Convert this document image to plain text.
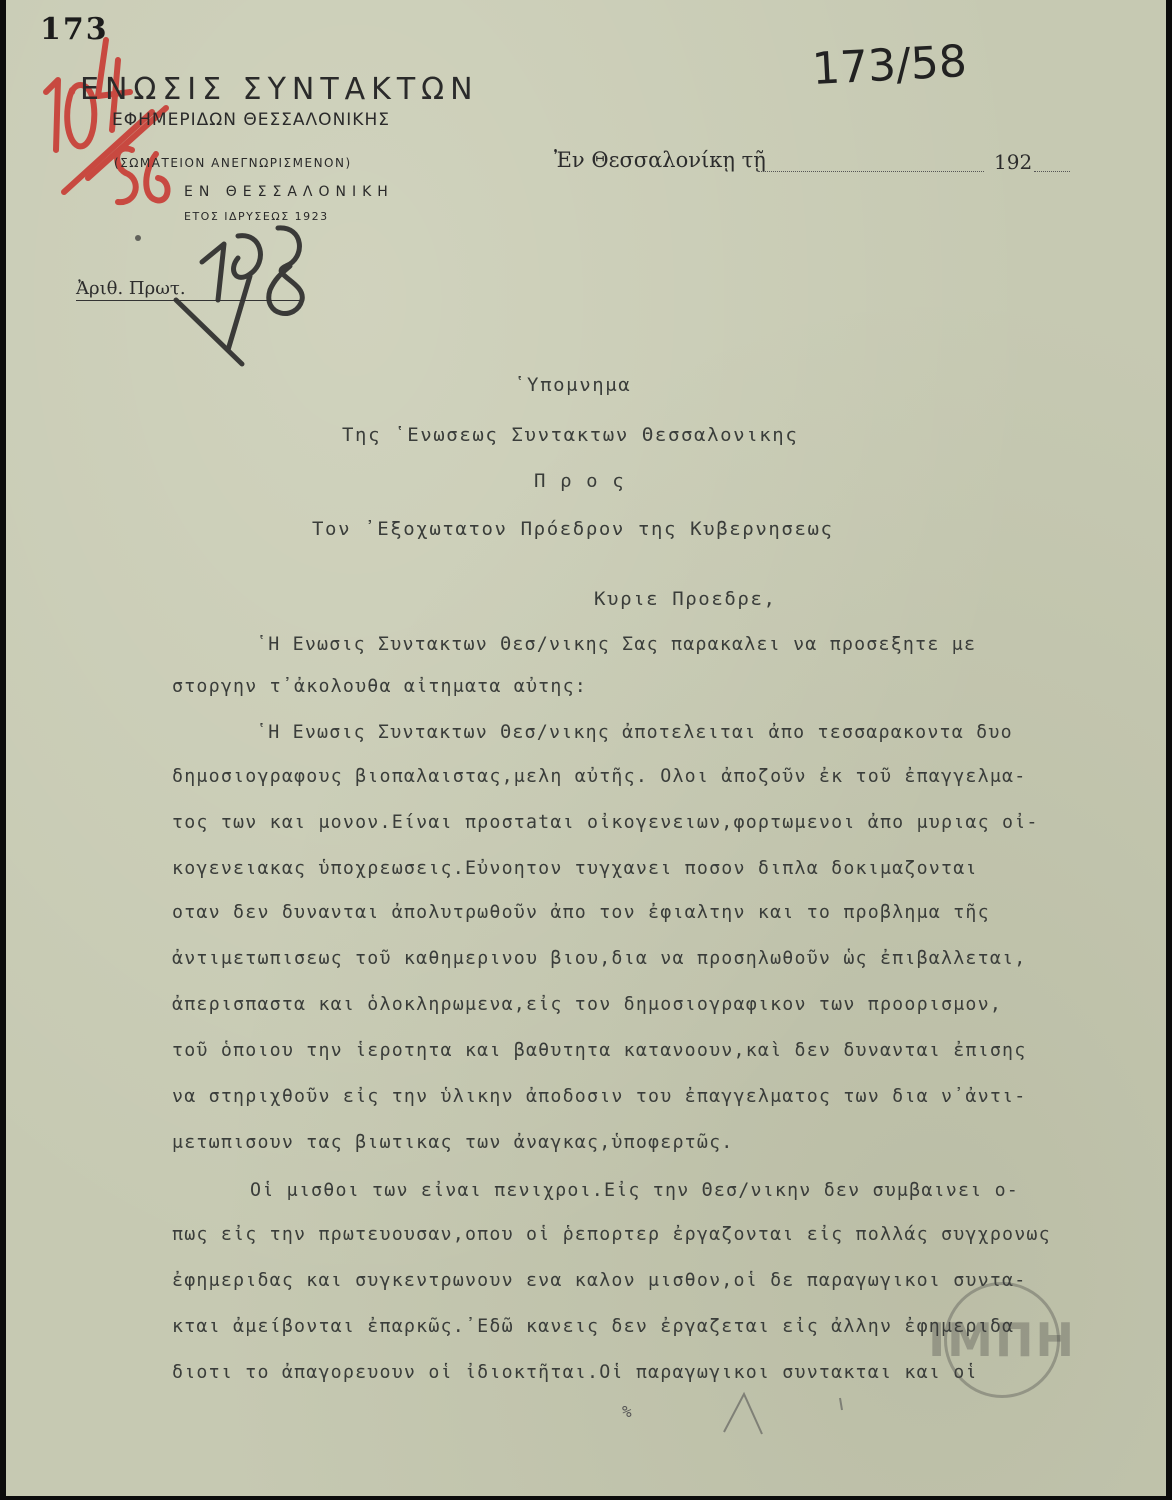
173
173/58
ΕΝΩΣΙΣ ΣΥΝΤΑΚΤΩΝ
ΕΦΗΜΕΡΙΔΩΝ ΘΕΣΣΑΛΟΝΙΚΗΣ
(ΣΩΜΑΤΕΙΟΝ ΑΝΕΓΝΩΡΙΣΜΕΝΟΝ)
ΕΝ ΘΕΣΣΑΛΟΝΙΚΗ
ΕΤΟΣ ΙΔΡΥΣΕΩΣ 1923
Ἐν Θεσσαλονίκῃ τῇ	192
Ἀριθ. Πρωτ.
῾Υπομνημα
Της ῾Ενωσεως Συντακτων Θεσσαλονικης
Π ρ ο ς
Τον ᾽Εξοχωτατον Πρόεδρον της Κυβερνησεως
Κυριε Προεδρε,
῾Η Ενωσις Συντακτων Θεσ/νικης Σας παρακαλει να προσεξητε με
στοργην τ᾽ἀκολουθα αἰτηματα αὐτης:
῾Η Ενωσις Συντακτων Θεσ/νικης ἀποτελειται ἀπο τεσσαρακοντα δυο
δημοσιογραφους βιοπαλαιστας,μελη αὐτῆς. Ολοι ἀποζοῦν ἐκ τοῦ ἐπαγγελμα-
τος των και μονον.Είναι προστatαι οἰκογενειων,φορτωμενοι ἀπο μυριας οἰ-
κογενειακας ὑποχρεωσεις.Εὐνοητον τυγχανει ποσον διπλα δοκιμαζονται
οταν δεν δυνανται ἀπολυτρωθοῦν ἀπο τον ἐφιαλτην και το προβλημα τῆς
ἀντιμετωπισεως τοῦ καθημερινου βιου,δια να προσηλωθοῦν ὡς ἐπιβαλλεται,
ἀπερισπαστα και ὁλοκληρωμενα,εἰς τον δημοσιογραφικον των προορισμον,
τοῦ ὁποιου την ἱεροτητα και βαθυτητα κατανοουν,καὶ δεν δυνανται ἐπισης
να στηριχθοῦν εἰς την ὑλικην ἀποδοσιν του ἐπαγγελματος των δια ν᾽ἀντι-
μετωπισουν τας βιωτικας των ἀναγκας,ὑποφερτῶς.
Οἱ μισθοι των εἰναι πενιχροι.Εἰς την Θεσ/νικην δεν συμβαινει ο-
πως εἰς την πρωτευουσαν,οπου οἱ ῥεπορτερ ἐργαζονται εἰς πολλάς συγχρονως
ἐφημεριδας και συγκεντρωνουν ενα καλον μισθον,οἱ δε παραγωγικοι συντα-
κται ἀμείβονται ἐπαρκῶς.᾽Εδῶ κανεις δεν ἐργαζεται εἰς ἀλλην ἐφημεριδα
διοτι το ἀπαγορευουν οἱ ἰδιοκτῆται.Οἱ παραγωγικοι συντακται και οἱ
ΙΜΠΗ
%
